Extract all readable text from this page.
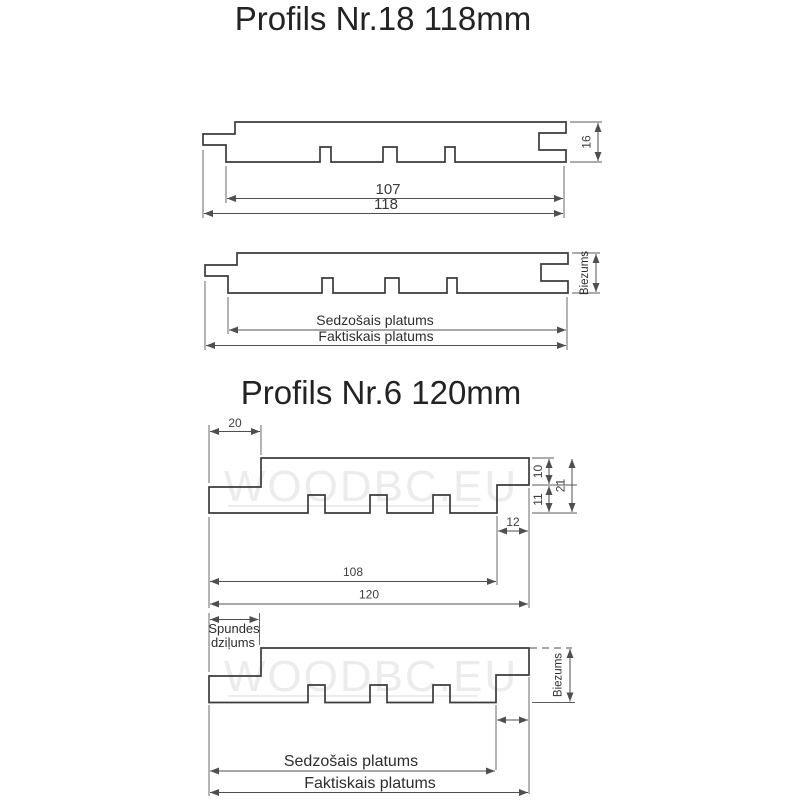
Profils Nr.18 118mm
107
118
16
Sedzošais platums
Faktiskais platums
Biezums
Profils Nr.6 120mm
WOODBC.EU
20
10
11
21
12
108
120
WOODBC.EU
Spundes
dziļums
Biezums
Sedzošais platums
Faktiskais platums
